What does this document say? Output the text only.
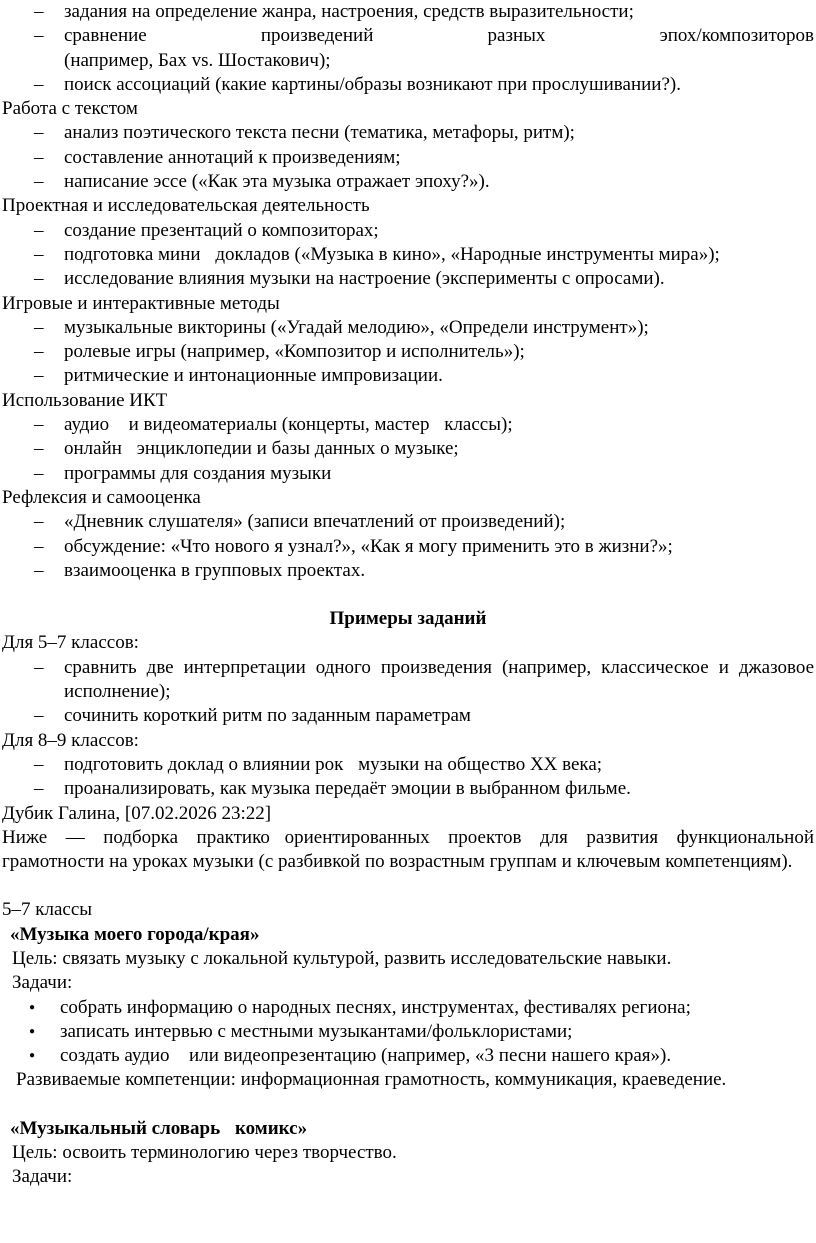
– задания на определение жанра, настроения, средств выразительности;
– сравнение произведений разных эпох/композиторов
(например, Бах vs. Шостакович);
– поиск ассоциаций (какие картины/образы возникают при прослушивании?).
Работа с текстом
– анализ поэтического текста песни (тематика, метафоры, ритм);
– составление аннотаций к произведениям;
– написание эссе («Как эта музыка отражает эпоху?»).
Проектная и исследовательская деятельность
– создание презентаций о композиторах;
– подготовка мини докладов («Музыка в кино», «Народные инструменты мира»);
– исследование влияния музыки на настроение (эксперименты с опросами).
Игровые и интерактивные методы
– музыкальные викторины («Угадай мелодию», «Определи инструмент»);
– ролевые игры (например, «Композитор и исполнитель»);
– ритмические и интонационные импровизации.
Использование ИКТ
– аудио и видеоматериалы (концерты, мастер классы);
– онлайн энциклопедии и базы данных о музыке;
– программы для создания музыки
Рефлексия и самооценка
– «Дневник слушателя» (записи впечатлений от произведений);
– обсуждение: «Что нового я узнал?», «Как я могу применить это в жизни?»;
– взаимооценка в групповых проектах.
Примеры заданий
Для 5–7 классов:
– сравнить две интерпретации одного произведения (например, классическое и джазовое исполнение);
– сочинить короткий ритм по заданным параметрам
Для 8–9 классов:
– подготовить доклад о влиянии рок музыки на общество XX века;
– проанализировать, как музыка передаёт эмоции в выбранном фильме.
Дубик Галина, [07.02.2026 23:22]
Ниже — подборка практико ориентированных проектов для развития функциональной грамотности на уроках музыки (с разбивкой по возрастным группам и ключевым компетенциям).
5–7 классы
«Музыка моего города/края»
Цель: связать музыку с локальной культурой, развить исследовательские навыки.
Задачи:
● собрать информацию о народных песнях, инструментах, фестивалях региона;
● записать интервью с местными музыкантами/фольклористами;
● создать аудио или видеопрезентацию (например, «3 песни нашего края»).
Развиваемые компетенции: информационная грамотность, коммуникация, краеведение.
«Музыкальный словарь комикс»
Цель: освоить терминологию через творчество.
Задачи:
